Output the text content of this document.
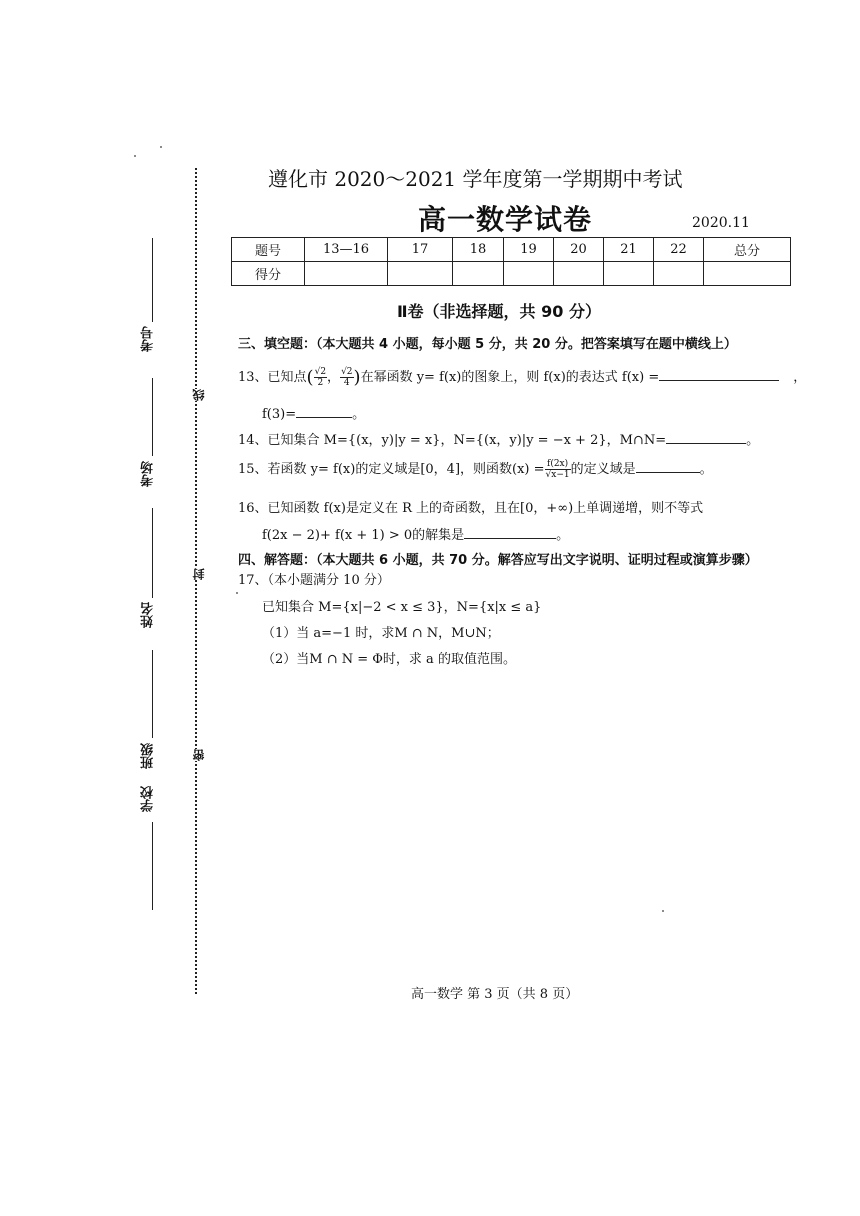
考号
考场
姓名
班级
学校
线
封
密
遵化市 2020～2021 学年度第一学期期中考试
高一数学试卷	2020.11
题号	13—16	17	18	19	20	21	22	总分
得分								
Ⅱ卷（非选择题，共 90 分）
三、填空题：（本大题共 4 小题，每小题 5 分，共 20 分。把答案填写在题中横线上）
13、已知点( $\frac{√2}{2}$ ， $\frac{√2}{4}$ )在幂函数 y= f(x)的图象上，则 f(x)的表达式 f(x) =	，
f(3)=	。
14、已知集合 M={(x，y)|y = x}，N={(x，y)|y = −x + 2}，M∩N=	。
15、若函数 y= f(x)的定义域是[0，4]，则函数$(x) = \frac{f(2x)}{√x-1}$ 的定义域是	。
16、已知函数 f(x)是定义在 R 上的奇函数，且在[0，+∞)上单调递增，则不等式
f(2x − 2)+ f(x + 1) > 0的解集是	。
四、解答题：（本大题共 6 小题，共 70 分。解答应写出文字说明、证明过程或演算步骤）
17、（本小题满分 10 分）
已知集合 M={x|−2 < x ≤ 3}，N={x|x ≤ a}
（1）当 a=−1 时，求M ∩ N，M∪N；
（2）当M ∩ N = Φ时，求 a 的取值范围。
高一数学 第 3 页（共 8 页）
